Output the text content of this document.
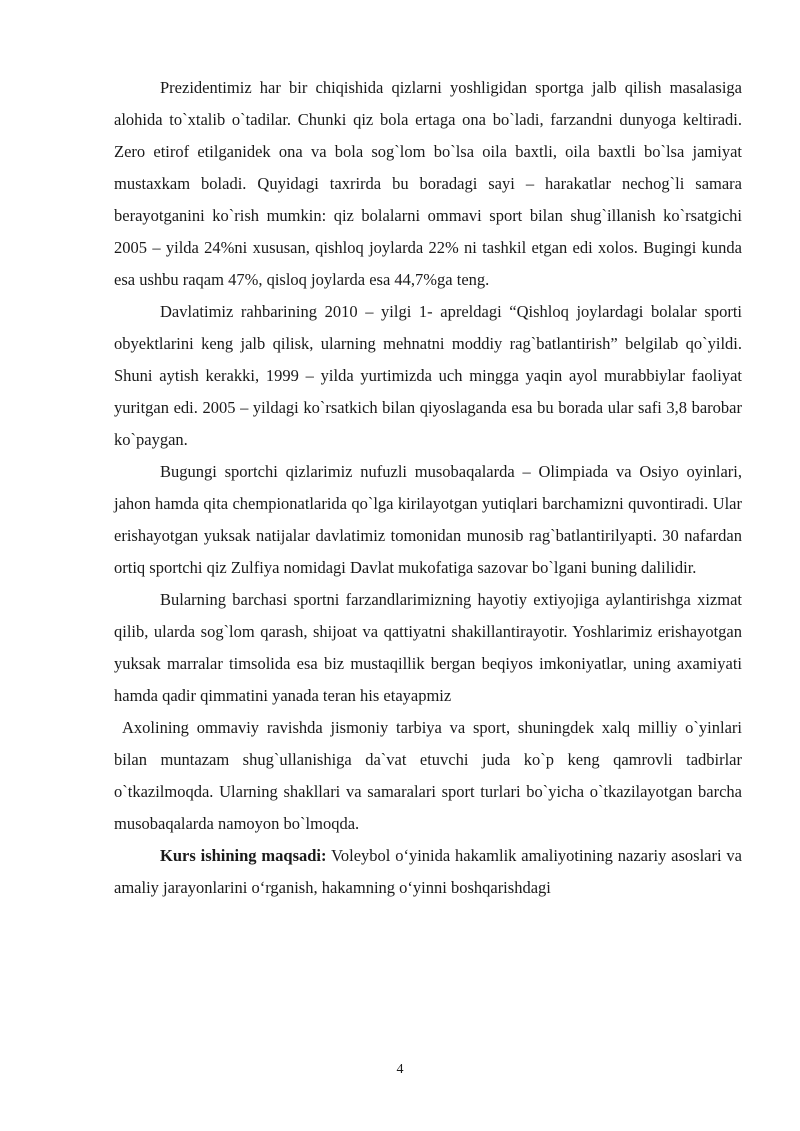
Prezidentimiz har bir chiqishida qizlarni yoshligidan sportga jalb qilish masalasiga alohida to`xtalib o`tadilar. Chunki qiz bola ertaga ona bo`ladi, farzandni dunyoga keltiradi. Zero etirof etilganidek ona va bola sog`lom bo`lsa oila baxtli, oila baxtli bo`lsa jamiyat mustaxkam boladi. Quyidagi taxrirda bu boradagi sayi – harakatlar nechog`li samara berayotganini ko`rish mumkin: qiz bolalarni ommavi sport bilan shug`illanish ko`rsatgichi 2005 – yilda 24%ni xususan, qishloq joylarda 22% ni tashkil etgan edi xolos. Bugingi kunda esa ushbu raqam 47%, qisloq joylarda esa 44,7%ga teng.

Davlatimiz rahbarining 2010 – yilgi 1- apreldagi “Qishloq joylardagi bolalar sporti obyektlarini keng jalb qilisk, ularning mehnatni moddiy rag`batlantirish” belgilab qo`yildi. Shuni aytish kerakki, 1999 – yilda yurtimizda uch mingga yaqin ayol murabbiylar faoliyat yuritgan edi. 2005 – yildagi ko`rsatkich bilan qiyoslaganda esa bu borada ular safi 3,8 barobar ko`paygan.

Bugungi sportchi qizlarimiz nufuzli musobaqalarda – Olimpiada va Osiyo oyinlari, jahon hamda qita chempionatlarida qo`lga kirilayotgan yutiqlari barchamizni quvontiradi. Ular erishayotgan yuksak natijalar davlatimiz tomonidan munosib rag`batlantirilyapti. 30 nafardan ortiq sportchi qiz Zulfiya nomidagi Davlat mukofatiga sazovar bo`lgani buning dalilidir.

Bularning barchasi sportni farzandlarimizning hayotiy extiyojiga aylantirishga xizmat qilib, ularda sog`lom qarash, shijoat va qattiyatni shakillantirayotir. Yoshlarimiz erishayotgan yuksak marralar timsolida esa biz mustaqillik bergan beqiyos imkoniyatlar, uning axamiyati hamda qadir qimmatini yanada teran his etayapmiz

Axolining ommaviy ravishda jismoniy tarbiya va sport, shuningdek xalq milliy o`yinlari bilan muntazam shug`ullanishiga da`vat etuvchi juda ko`p keng qamrovli tadbirlar o`tkazilmoqda. Ularning shakllari va samaralari sport turlari bo`yicha o`tkazilayotgan barcha musobaqalarda namoyon bo`lmoqda.

Kurs ishining maqsadi: Voleybol o‘yinida hakamlik amaliyotining nazariy asoslari va amaliy jarayonlarini o‘rganish, hakamning o‘yinni boshqarishdagi

4
